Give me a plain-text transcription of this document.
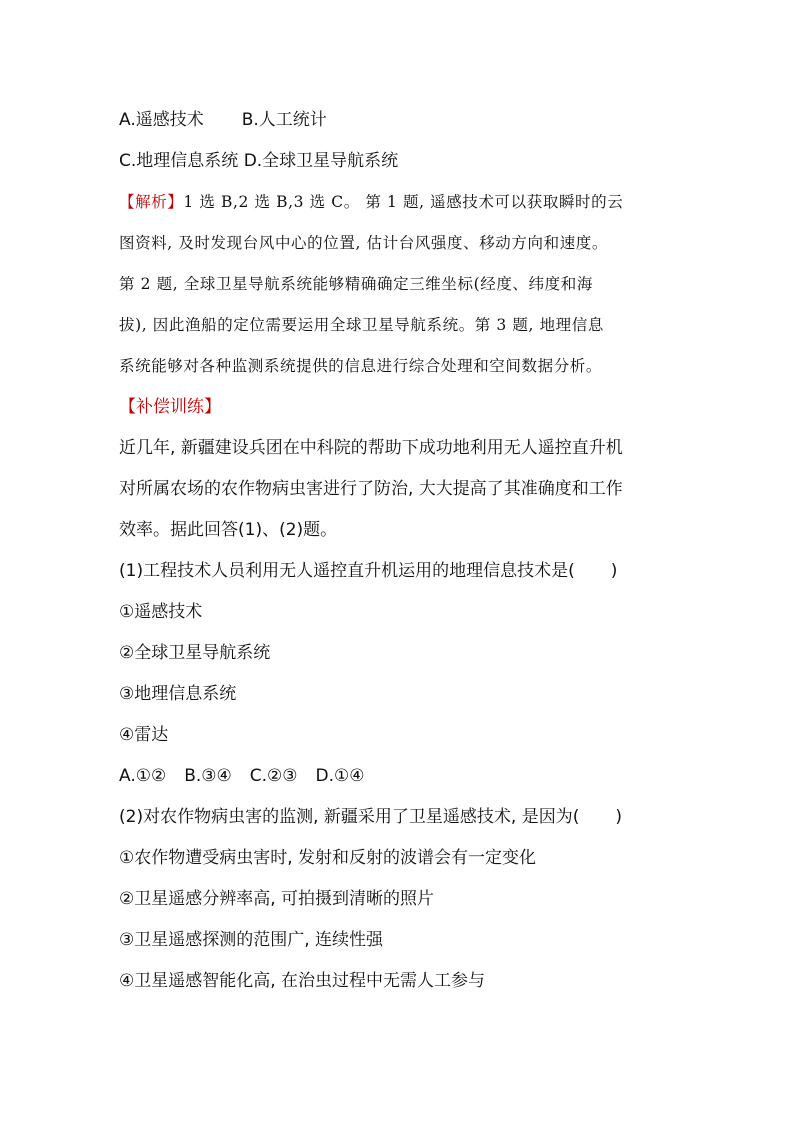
A.遥感技术 B.人工统计
C.地理信息系统 D.全球卫星导航系统
【解析】1 选 B,2 选 B,3 选 C。 第 1 题, 遥感技术可以获取瞬时的云
图资料, 及时发现台风中心的位置, 估计台风强度、移动方向和速度。
第 2 题, 全球卫星导航系统能够精确确定三维坐标(经度、纬度和海
拔), 因此渔船的定位需要运用全球卫星导航系统。第 3 题, 地理信息
系统能够对各种监测系统提供的信息进行综合处理和空间数据分析。
【补偿训练】
近几年, 新疆建设兵团在中科院的帮助下成功地利用无人遥控直升机
对所属农场的农作物病虫害进行了防治, 大大提高了其准确度和工作
效率。据此回答(1)、(2)题。
(1)工程技术人员利用无人遥控直升机运用的地理信息技术是( )
①遥感技术
②全球卫星导航系统
③地理信息系统
④雷达
A.①② B.③④ C.②③ D.①④
(2)对农作物病虫害的监测, 新疆采用了卫星遥感技术, 是因为( )
①农作物遭受病虫害时, 发射和反射的波谱会有一定变化
②卫星遥感分辨率高, 可拍摄到清晰的照片
③卫星遥感探测的范围广, 连续性强
④卫星遥感智能化高, 在治虫过程中无需人工参与
